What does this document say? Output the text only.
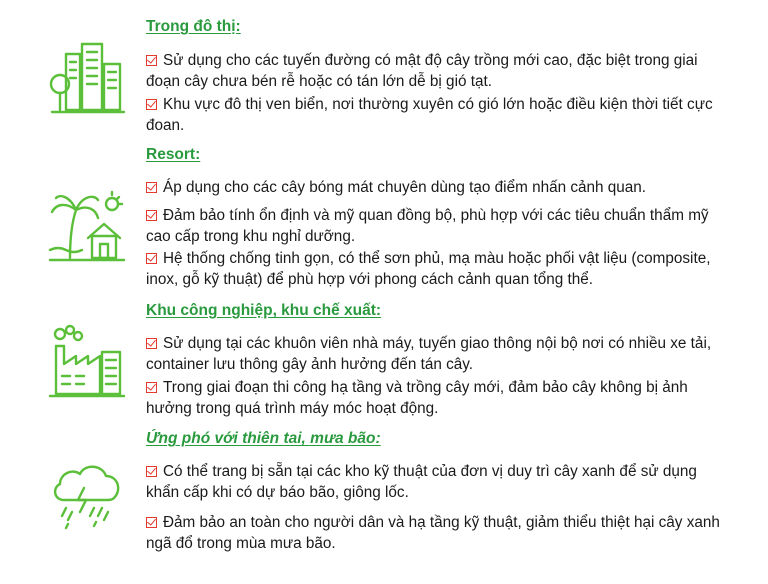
Trong đô thị:
Sử dụng cho các tuyến đường có mật độ cây trồng mới cao, đặc biệt trong giai đoạn cây chưa bén rễ hoặc có tán lớn dễ bị gió tạt.
Khu vực đô thị ven biển, nơi thường xuyên có gió lớn hoặc điều kiện thời tiết cực đoan.
Resort:
Áp dụng cho các cây bóng mát chuyên dùng tạo điểm nhấn cảnh quan.
Đảm bảo tính ổn định và mỹ quan đồng bộ, phù hợp với các tiêu chuẩn thẩm mỹ cao cấp trong khu nghỉ dưỡng.
Hệ thống chống tinh gọn, có thể sơn phủ, mạ màu hoặc phối vật liệu (composite, inox, gỗ kỹ thuật) để phù hợp với phong cách cảnh quan tổng thể.
Khu công nghiệp, khu chế xuất:
Sử dụng tại các khuôn viên nhà máy, tuyến giao thông nội bộ nơi có nhiều xe tải, container lưu thông gây ảnh hưởng đến tán cây.
Trong giai đoạn thi công hạ tầng và trồng cây mới, đảm bảo cây không bị ảnh hưởng trong quá trình máy móc hoạt động.
Ứng phó với thiên tai, mưa bão:
Có thể trang bị sẵn tại các kho kỹ thuật của đơn vị duy trì cây xanh để sử dụng khẩn cấp khi có dự báo bão, giông lốc.
Đảm bảo an toàn cho người dân và hạ tầng kỹ thuật, giảm thiểu thiệt hại cây xanh ngã đổ trong mùa mưa bão.
